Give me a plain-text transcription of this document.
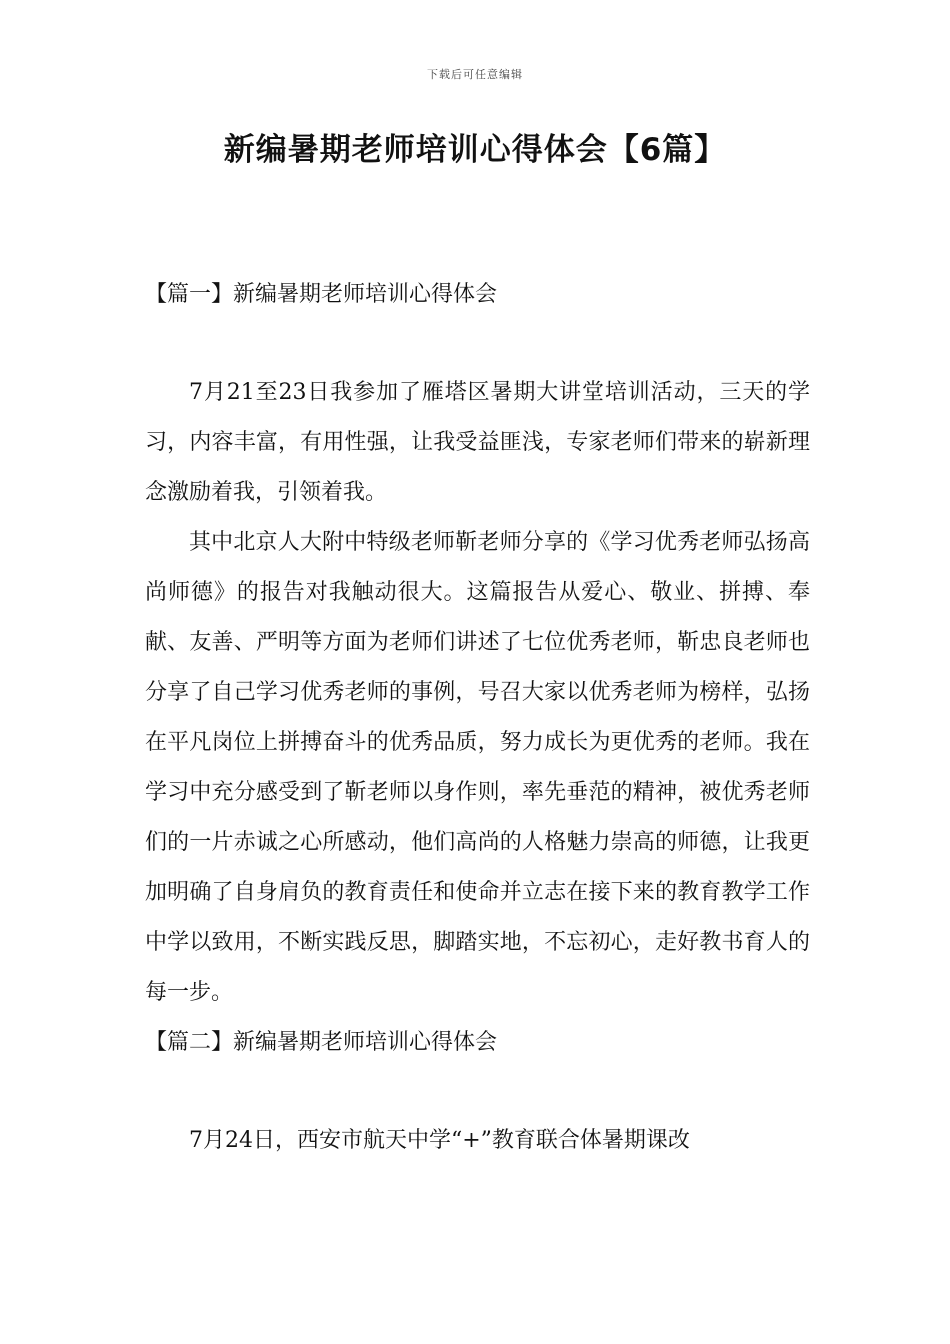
下载后可任意编辑
新编暑期老师培训心得体会【6篇】

【篇一】新编暑期老师培训心得体会

7月21至23日我参加了雁塔区暑期大讲堂培训活动，三天的学习，内容丰富，有用性强，让我受益匪浅，专家老师们带来的崭新理念激励着我，引领着我。

其中北京人大附中特级老师靳老师分享的《学习优秀老师弘扬高尚师德》的报告对我触动很大。这篇报告从爱心、敬业、拼搏、奉献、友善、严明等方面为老师们讲述了七位优秀老师，靳忠良老师也分享了自己学习优秀老师的事例，号召大家以优秀老师为榜样，弘扬在平凡岗位上拼搏奋斗的优秀品质，努力成长为更优秀的老师。我在学习中充分感受到了靳老师以身作则，率先垂范的精神，被优秀老师们的一片赤诚之心所感动，他们高尚的人格魅力崇高的师德，让我更加明确了自身肩负的教育责任和使命并立志在接下来的教育教学工作中学以致用，不断实践反思，脚踏实地，不忘初心，走好教书育人的每一步。

【篇二】新编暑期老师培训心得体会

7月24日，西安市航天中学“+”教育联合体暑期课改
